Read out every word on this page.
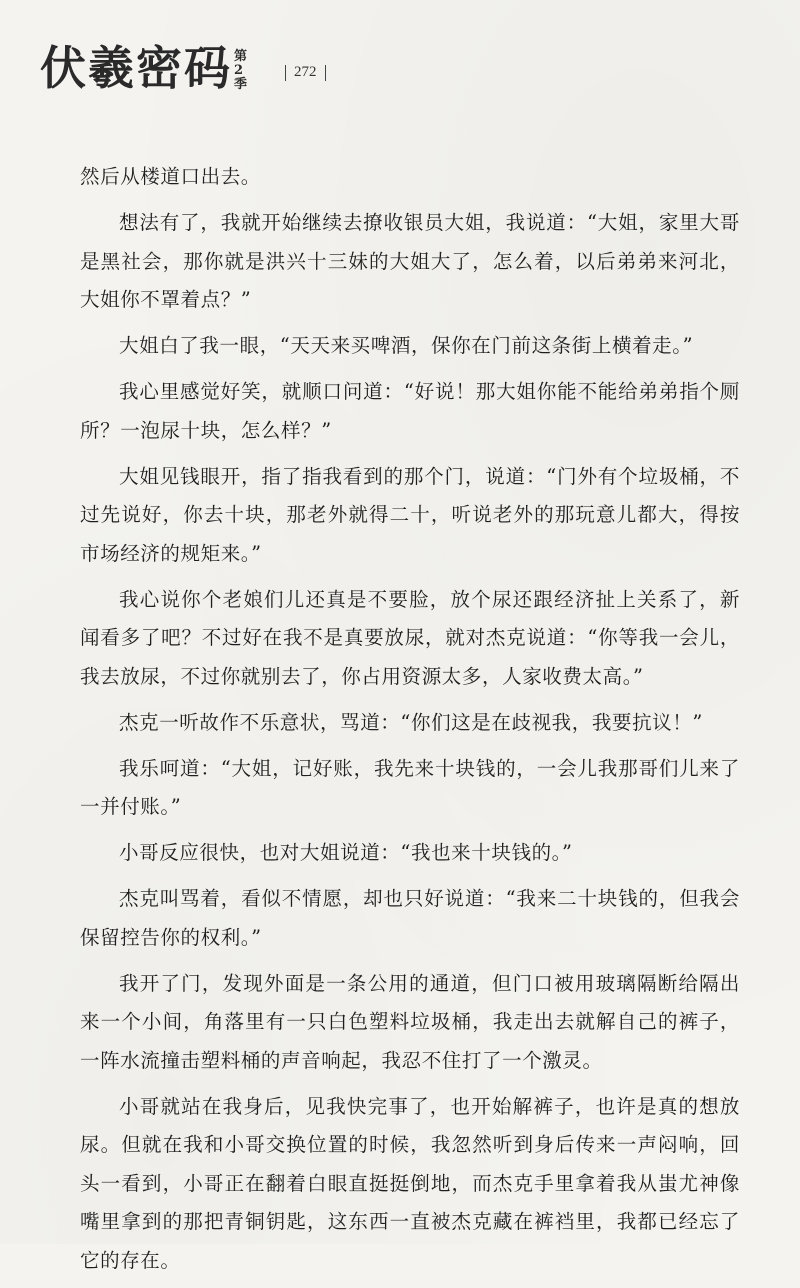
伏羲密码 第
2
季
272

然后从楼道口出去。

想法有了，我就开始继续去撩收银员大姐，我说道：“大姐，家里大哥是黑社会，那你就是洪兴十三妹的大姐大了，怎么着，以后弟弟来河北，大姐你不罩着点？”

大姐白了我一眼，“天天来买啤酒，保你在门前这条街上横着走。”

我心里感觉好笑，就顺口问道：“好说！那大姐你能不能给弟弟指个厕所？一泡尿十块，怎么样？”

大姐见钱眼开，指了指我看到的那个门，说道：“门外有个垃圾桶，不过先说好，你去十块，那老外就得二十，听说老外的那玩意儿都大，得按市场经济的规矩来。”

我心说你个老娘们儿还真是不要脸，放个尿还跟经济扯上关系了，新闻看多了吧？不过好在我不是真要放尿，就对杰克说道：“你等我一会儿，我去放尿，不过你就别去了，你占用资源太多，人家收费太高。”

杰克一听故作不乐意状，骂道：“你们这是在歧视我，我要抗议！”

我乐呵道：“大姐，记好账，我先来十块钱的，一会儿我那哥们儿来了一并付账。”

小哥反应很快，也对大姐说道：“我也来十块钱的。”

杰克叫骂着，看似不情愿，却也只好说道：“我来二十块钱的，但我会保留控告你的权利。”

我开了门，发现外面是一条公用的通道，但门口被用玻璃隔断给隔出来一个小间，角落里有一只白色塑料垃圾桶，我走出去就解自己的裤子，一阵水流撞击塑料桶的声音响起，我忍不住打了一个激灵。

小哥就站在我身后，见我快完事了，也开始解裤子，也许是真的想放尿。但就在我和小哥交换位置的时候，我忽然听到身后传来一声闷响，回头一看到，小哥正在翻着白眼直挺挺倒地，而杰克手里拿着我从蚩尤神像嘴里拿到的那把青铜钥匙，这东西一直被杰克藏在裤裆里，我都已经忘了它的存在。
